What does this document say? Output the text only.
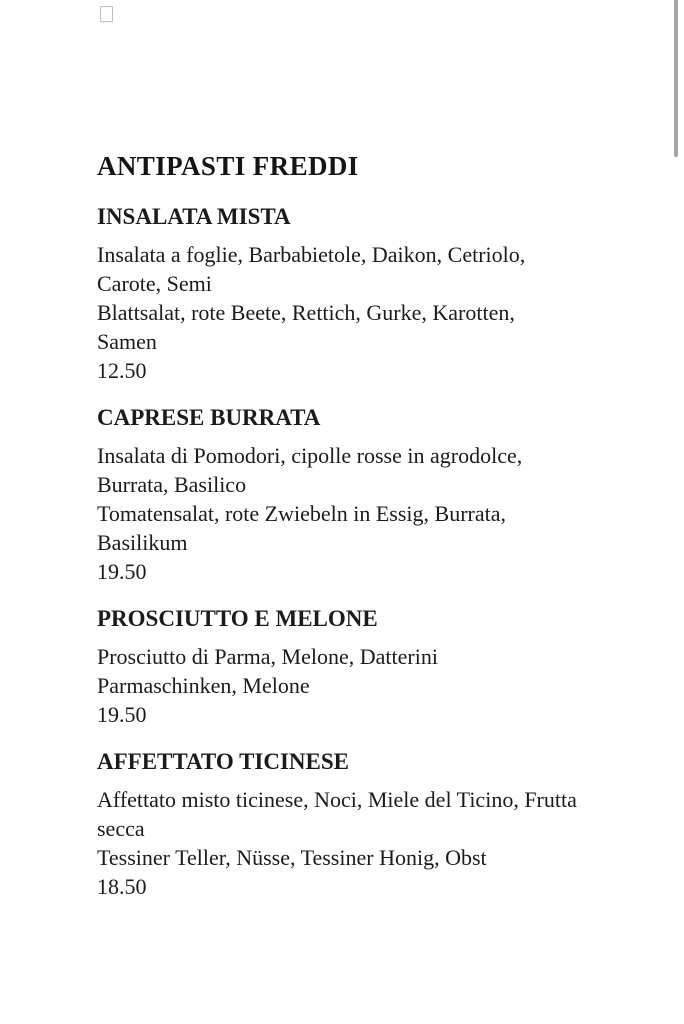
ANTIPASTI FREDDI
INSALATA MISTA

Insalata a foglie, Barbabietole, Daikon, Cetriolo, Carote, Semi
Blattsalat, rote Beete, Rettich, Gurke, Karotten, Samen

12.50
CAPRESE BURRATA

Insalata di Pomodori, cipolle rosse in agrodolce, Burrata, Basilico
Tomatensalat, rote Zwiebeln in Essig, Burrata, Basilikum

19.50
PROSCIUTTO E MELONE

Prosciutto di Parma, Melone, Datterini
Parmaschinken, Melone

19.50
AFFETTATO TICINESE

Affettato misto ticinese, Noci, Miele del Ticino, Frutta secca
Tessiner Teller, Nüsse, Tessiner Honig, Obst

18.50
